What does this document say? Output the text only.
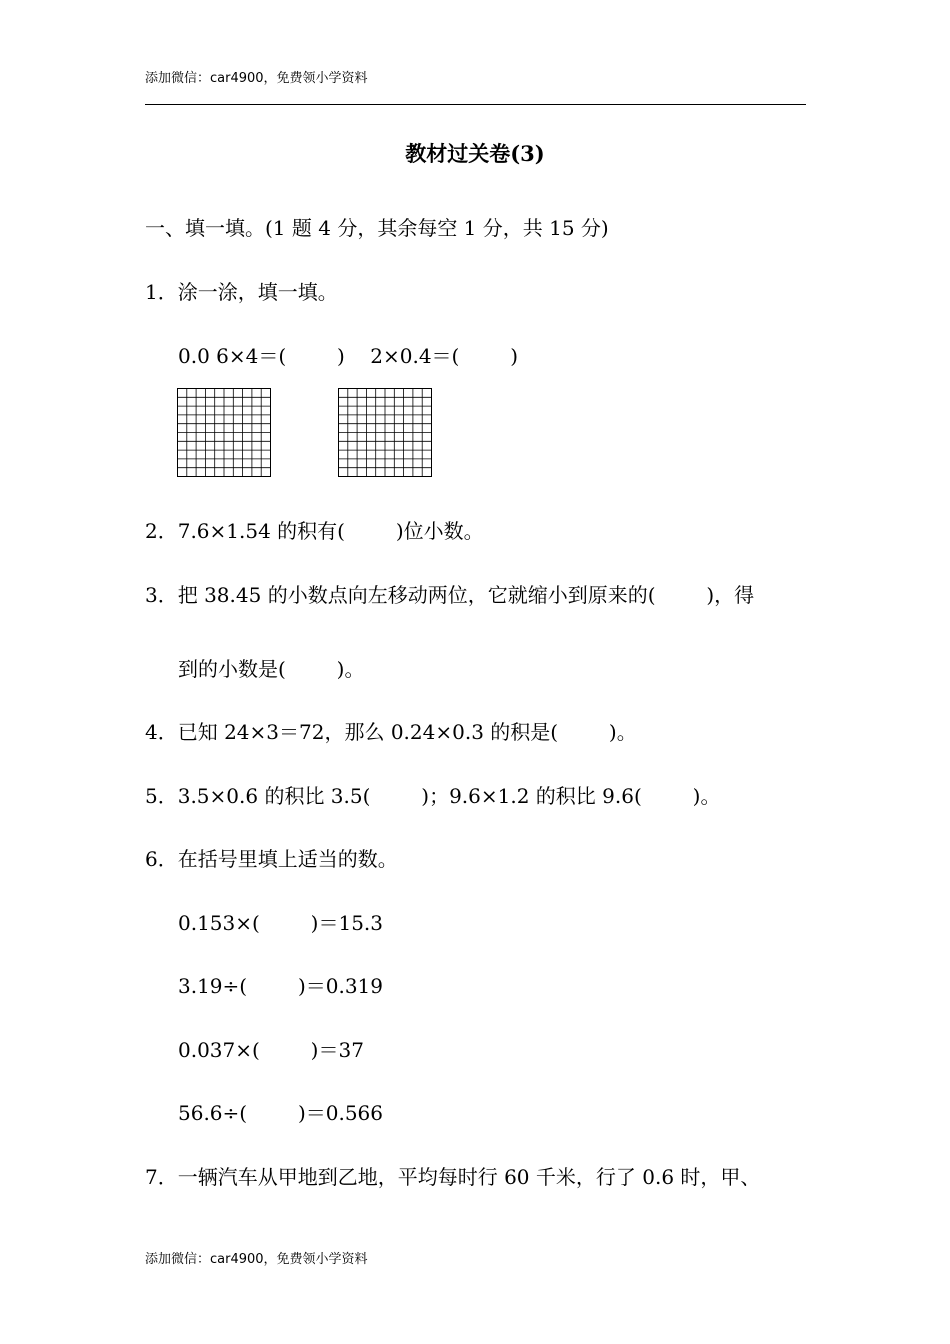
添加微信：car4900，免费领小学资料
教材过关卷(3)
一、填一填。(1 题 4 分，其余每空 1 分，共 15 分)
1．涂一涂，填一填。
0.0 6×4＝(        )    2×0.4＝(        )
2．7.6×1.54 的积有(        )位小数。
3．把 38.45 的小数点向左移动两位，它就缩小到原来的(        )，得
到的小数是(        )。
4．已知 24×3＝72，那么 0.24×0.3 的积是(        )。
5．3.5×0.6 的积比 3.5(        )；9.6×1.2 的积比 9.6(        )。
6．在括号里填上适当的数。
0.153×(        )＝15.3
3.19÷(        )＝0.319
0.037×(        )＝37
56.6÷(        )＝0.566
7．一辆汽车从甲地到乙地，平均每时行 60 千米，行了 0.6 时，甲、
添加微信：car4900，免费领小学资料
